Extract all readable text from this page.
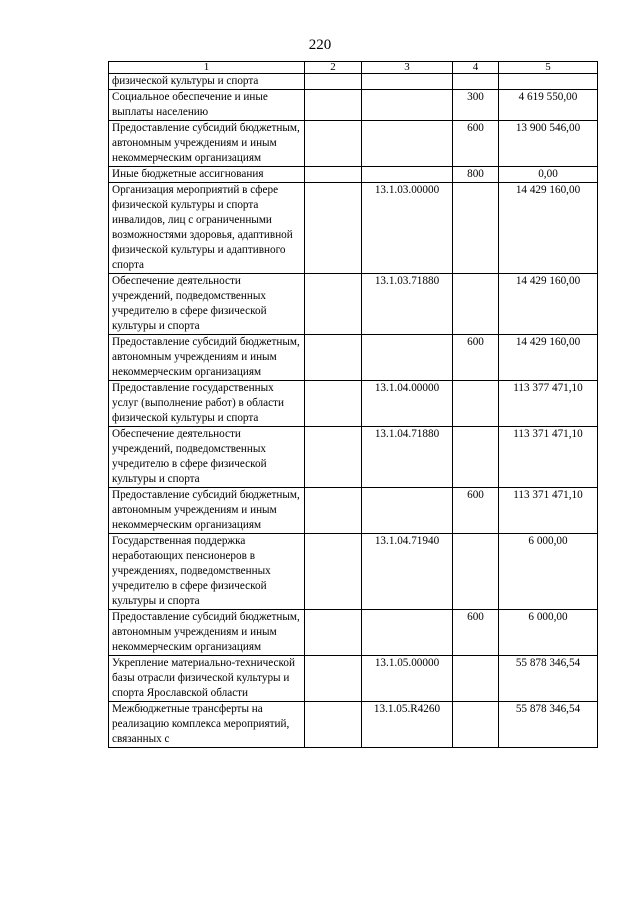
220
1	2	3	4	5
физической культуры и спорта				
Социальное обеспечение и иные выплаты населению			300	4 619 550,00
Предоставление субсидий бюджетным, автономным учреждениям и иным некоммерческим организациям			600	13 900 546,00
Иные бюджетные ассигнования			800	0,00
Организация мероприятий в сфере физической культуры и спорта инвалидов, лиц с ограниченными возможностями здоровья, адаптивной физической культуры и адаптивного спорта		13.1.03.00000		14 429 160,00
Обеспечение деятельности учреждений, подведомственных учредителю в сфере физической культуры и спорта		13.1.03.71880		14 429 160,00
Предоставление субсидий бюджетным, автономным учреждениям и иным некоммерческим организациям			600	14 429 160,00
Предоставление государственных услуг (выполнение работ) в области физической культуры и спорта		13.1.04.00000		113 377 471,10
Обеспечение деятельности учреждений, подведомственных учредителю в сфере физической культуры и спорта		13.1.04.71880		113 371 471,10
Предоставление субсидий бюджетным, автономным учреждениям и иным некоммерческим организациям			600	113 371 471,10
Государственная поддержка неработающих пенсионеров в учреждениях, подведомственных учредителю в сфере физической культуры и спорта		13.1.04.71940		6 000,00
Предоставление субсидий бюджетным, автономным учреждениям и иным некоммерческим организациям			600	6 000,00
Укрепление материально-технической базы отрасли физической культуры и спорта Ярославской области		13.1.05.00000		55 878 346,54
Межбюджетные трансферты на реализацию комплекса мероприятий, связанных с		13.1.05.R4260		55 878 346,54
